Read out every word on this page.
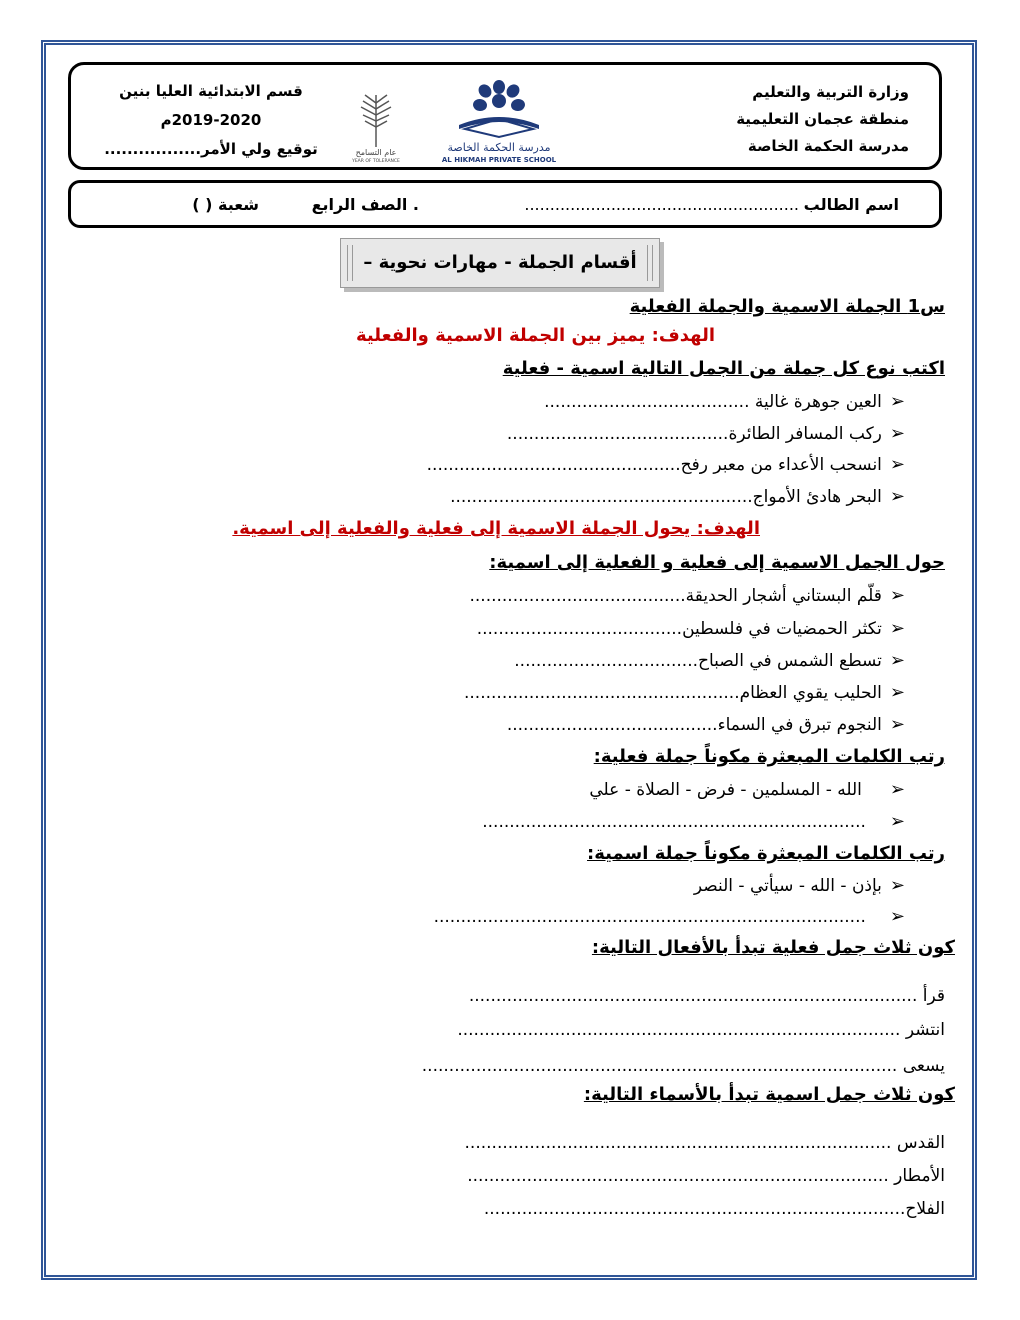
وزارة التربية والتعليم
منطقة عجمان التعليمية
مدرسة الحكمة الخاصة
مدرسة الحكمة الخاصة
AL HIKMAH PRIVATE SCHOOL
عام التسامح
YEAR OF TOLERANCE
قسم الابتدائية العليا بنين
2019-2020م
توقيع ولي الأمر.................
اسم الطالب
......................................................
. الصف الرابع
شعبة ( )
أقسام الجملة - مهارات نحوية –
س1 الجملة الاسمية والجملة الفعلية
الهدف: يميز بين الجملة الاسمية والفعلية
اكتب نوع كل جملة من الجمل التالية اسمية - فعلية
➢العين جوهرة غالية ......................................
➢ركب المسافر الطائرة.........................................
➢انسحب الأعداء من معبر رفح...............................................
➢البحر هادئ الأمواج........................................................
الهدف: يحول الجملة الاسمية إلى فعلية والفعلية إلى اسمية.
حول الجمل الاسمية إلى فعلية و الفعلية إلى اسمية:
➢قلّم البستاني أشجار الحديقة........................................
➢تكثر الحمضيات في فلسطين......................................
➢تسطع الشمس في الصباح..................................
➢الحليب يقوي العظام...................................................
➢النجوم تبرق في السماء.......................................
رتب الكلمات المبعثرة مكوناً جملة فعلية:
➢الله - المسلمين - فرض - الصلاة - علي
➢.......................................................................
رتب الكلمات المبعثرة مكوناً جملة اسمية:
➢بإذن - الله - سيأتي - النصر
➢................................................................................
كون ثلاث جمل فعلية تبدأ بالأفعال التالية:
قرأ ...................................................................................
انتشر ..................................................................................
يسعى ........................................................................................
كون ثلاث جمل اسمية تبدأ بالأسماء التالية:
القدس ...............................................................................
الأمطار ..............................................................................
الفلاح..............................................................................
